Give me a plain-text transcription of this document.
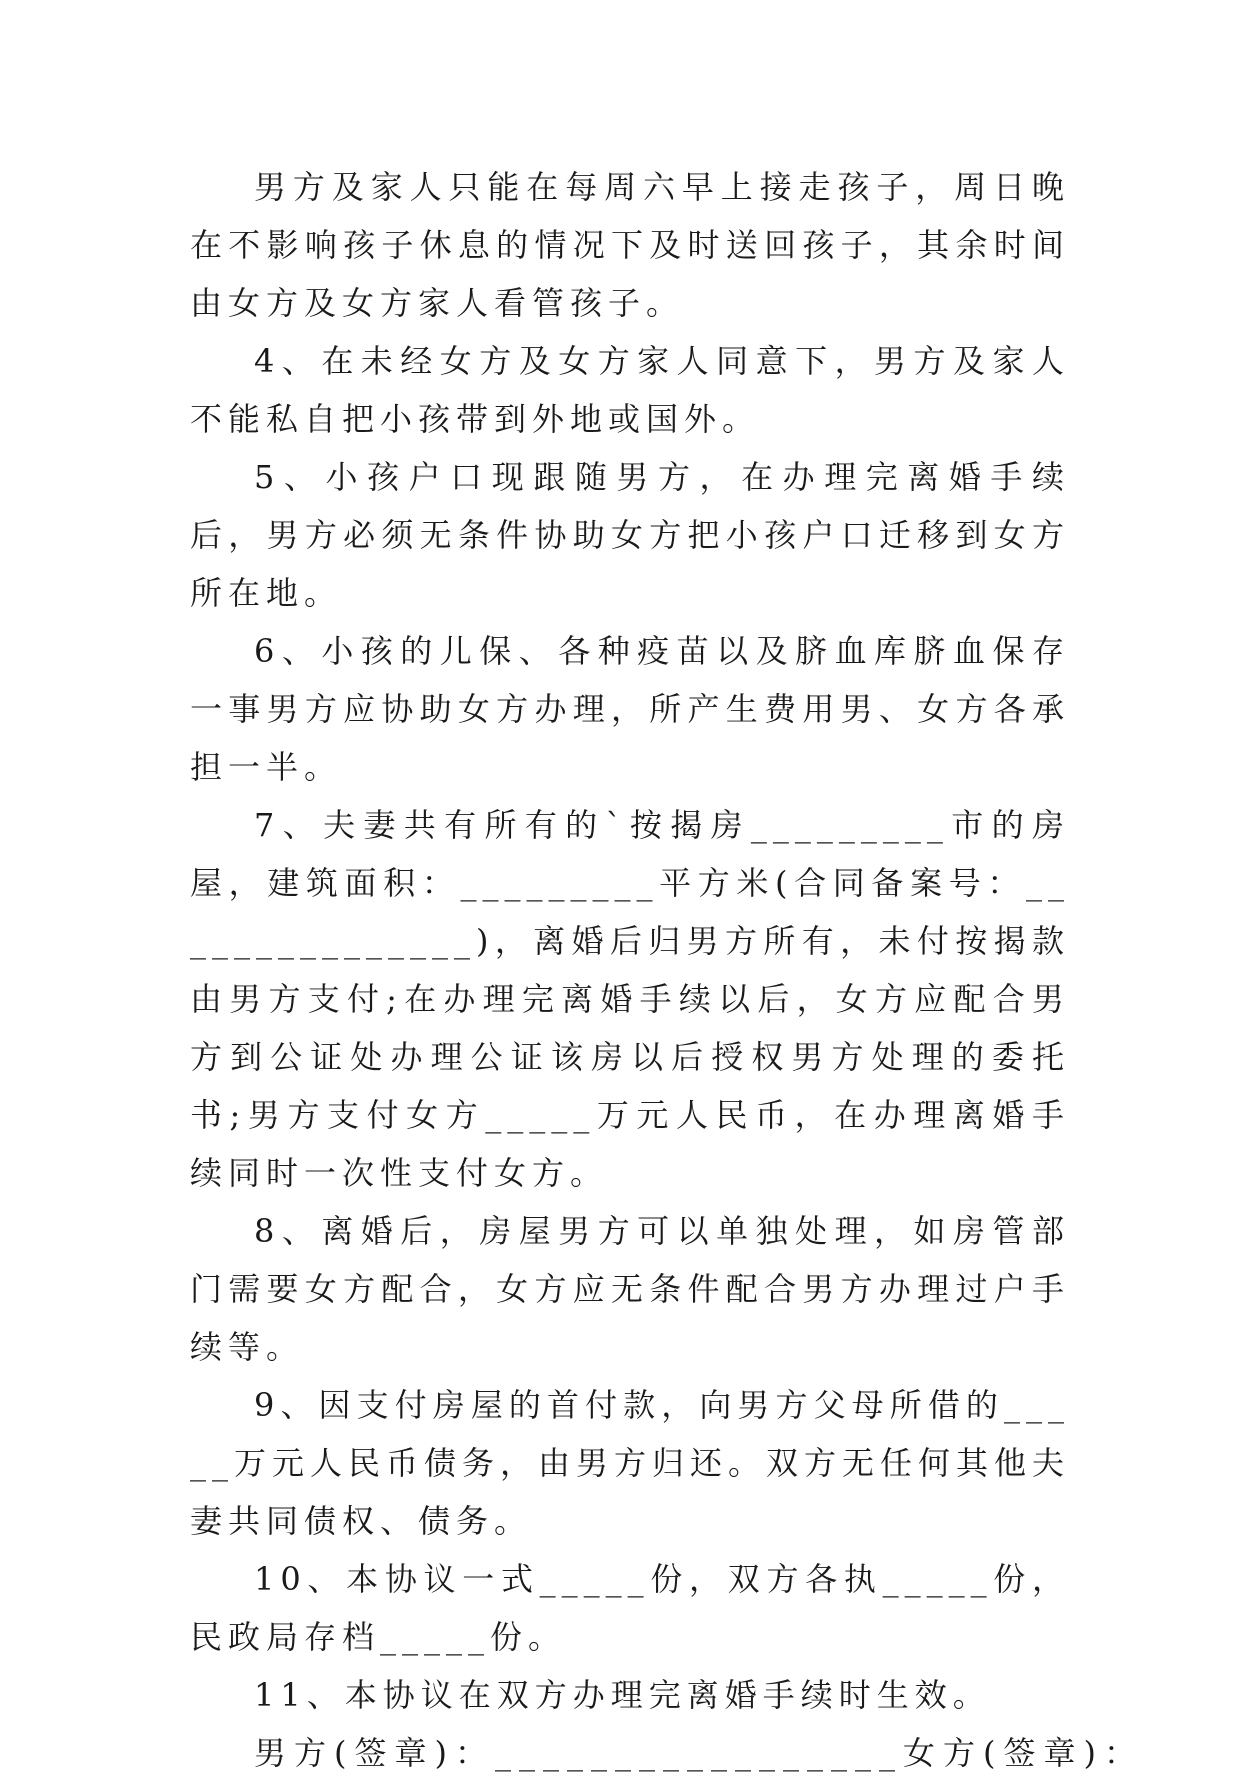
男方及家人只能在每周六早上接走孩子，周日晚在不影响孩子休息的情况下及时送回孩子，其余时间由女方及女方家人看管孩子。

4、在未经女方及女方家人同意下，男方及家人不能私自把小孩带到外地或国外。

5、小孩户口现跟随男方，在办理完离婚手续后，男方必须无条件协助女方把小孩户口迁移到女方所在地。

6、小孩的儿保、各种疫苗以及脐血库脐血保存一事男方应协助女方办理，所产生费用男、女方各承担一半。

7、夫妻共有所有的`按揭房_________市的房屋，建筑面积：_________平方米(合同备案号：_______________)，离婚后归男方所有，未付按揭款由男方支付;在办理完离婚手续以后，女方应配合男方到公证处办理公证该房以后授权男方处理的委托书;男方支付女方_____万元人民币，在办理离婚手续同时一次性支付女方。

8、离婚后，房屋男方可以单独处理，如房管部门需要女方配合，女方应无条件配合男方办理过户手续等。

9、因支付房屋的首付款，向男方父母所借的_____万元人民币债务，由男方归还。双方无任何其他夫妻共同债权、债务。

10、本协议一式_____份，双方各执_____份，民政局存档_____份。

11、本协议在双方办理完离婚手续时生效。

男方(签章)：_________________女方(签章)：
